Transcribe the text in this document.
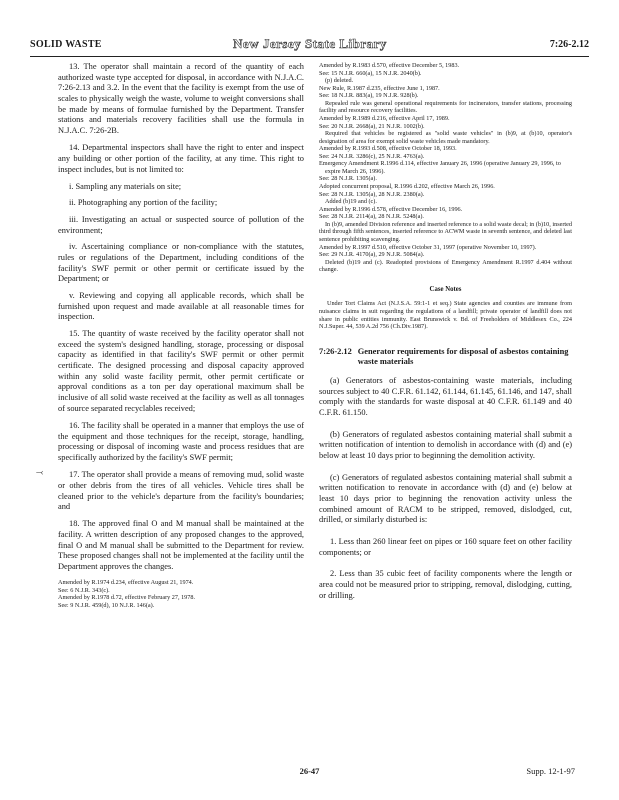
SOLID WASTE	New Jersey State Library	7:26-2.12
⤙

13. The operator shall maintain a record of the quantity of each authorized waste type accepted for disposal, in accordance with N.J.A.C. 7:26-2.13 and 3.2. In the event that the facility is exempt from the use of scales to physically weigh the waste, volume to weight conversions shall be made by means of formulae furnished by the Department. Transfer stations and materials recovery facilities shall use the formula in N.J.A.C. 7:26-2B.

14. Departmental inspectors shall have the right to enter and inspect any building or other portion of the facility, at any time. This right to inspect includes, but is not limited to:

i. Sampling any materials on site;

ii. Photographing any portion of the facility;

iii. Investigating an actual or suspected source of pollution of the environment;

iv. Ascertaining compliance or non-compliance with the statutes, rules or regulations of the Department, including conditions of the facility's SWF permit or other permit or certificate issued by the Department; or

v. Reviewing and copying all applicable records, which shall be furnished upon request and made available at all reasonable times for inspection.

15. The quantity of waste received by the facility operator shall not exceed the system's designed handling, storage, processing or disposal capacity as identified in that facility's SWF permit or other permit certificate. The designed processing and disposal capacity approved within any solid waste facility permit, other permit certificate or approval conditions as a ton per day operational maximum shall be inclusive of all solid waste received at the facility as well as all tonnages of source separated recyclables received;

16. The facility shall be operated in a manner that employs the use of the equipment and those techniques for the receipt, storage, handling, processing or disposal of incoming waste and process residues that are specifically authorized by the facility's SWF permit;

17. The operator shall provide a means of removing mud, solid waste or other debris from the tires of all vehicles. Vehicle tires shall be cleaned prior to the vehicle's departure from the facility's boundaries; and

18. The approved final O and M manual shall be maintained at the facility. A written description of any proposed changes to the approved, final O and M manual shall be submitted to the Department for review. These proposed changes shall not be implemented at the facility until the Department approves the changes.

Amended by R.1974 d.234, effective August 21, 1974.

See: 6 N.J.R. 343(c).

Amended by R.1978 d.72, effective February 27, 1978.

See: 9 N.J.R. 459(d), 10 N.J.R. 146(a).

Amended by R.1983 d.570, effective December 5, 1983.

See: 15 N.J.R. 660(a), 15 N.J.R. 2040(b).

(p) deleted.

New Rule, R.1987 d.235, effective June 1, 1987.

See: 18 N.J.R. 883(a), 19 N.J.R. 928(b).

Repealed rule was general operational requirements for incinerators, transfer stations, processing facility and resource recovery facilities.

Amended by R.1989 d.216, effective April 17, 1989.

See: 20 N.J.R. 2668(a), 21 N.J.R. 1002(b).

Required that vehicles be registered as "solid waste vehicles" in (b)9, at (b)10, operator's designation of area for exempt solid waste vehicles made mandatory.

Amended by R.1993 d.508, effective October 18, 1993.

See: 24 N.J.R. 3286(c), 25 N.J.R. 4763(a).

Emergency Amendment R.1996 d.114, effective January 26, 1996 (operative January 29, 1996, to expire March 26, 1996).

See: 28 N.J.R. 1305(a).

Adopted concurrent proposal, R.1996 d.202, effective March 26, 1996.

See: 28 N.J.R. 1305(a), 28 N.J.R. 2380(a).

Added (b)19 and (c).

Amended by R.1996 d.578, effective December 16, 1996.

See: 28 N.J.R. 2114(a), 28 N.J.R. 5248(a).

In (b)9, amended Division reference and inserted reference to a solid waste decal; in (b)10, inserted third through fifth sentences, inserted reference to ACWM waste in seventh sentence, and deleted last sentence prohibiting scavenging.

Amended by R.1997 d.510, effective October 31, 1997 (operative November 10, 1997).

See: 29 N.J.R. 4170(a), 29 N.J.R. 5084(a).

Deleted (b)19 and (c). Readopted provisions of Emergency Amendment R.1997 d.404 without change.

Case Notes

Under Tort Claims Act (N.J.S.A. 59:1-1 et seq.) State agencies and counties are immune from nuisance claims in suit regarding the regulations of a landfill; private operator of landfill does not share in public entities immunity. East Brunswick v. Bd. of Freeholders of Middlesex Co., 224 N.J.Super. 44, 539 A.2d 756 (Ch.Div.1987).

7:26-2.12 Generator requirements for disposal of asbestos containing waste materials

(a) Generators of asbestos-containing waste materials, including sources subject to 40 C.F.R. 61.142, 61.144, 61.145, 61.146, and 147, shall comply with the standards for waste disposal at 40 C.F.R. 61.149 and 40 C.F.R. 61.150.

(b) Generators of regulated asbestos containing material shall submit a written notification of intention to demolish in accordance with (d) and (e) below at least 10 days prior to beginning the demolition activity.

(c) Generators of regulated asbestos containing material shall submit a written notification to renovate in accordance with (d) and (e) below at least 10 days prior to beginning the renovation activity unless the combined amount of RACM to be stripped, removed, dislodged, cut, drilled, or similarly disturbed is:

1. Less than 260 linear feet on pipes or 160 square feet on other facility components; or

2. Less than 35 cubic feet of facility components where the length or area could not be measured prior to stripping, removal, dislodging, cutting, or drilling.

26-47	Supp. 12-1-97
